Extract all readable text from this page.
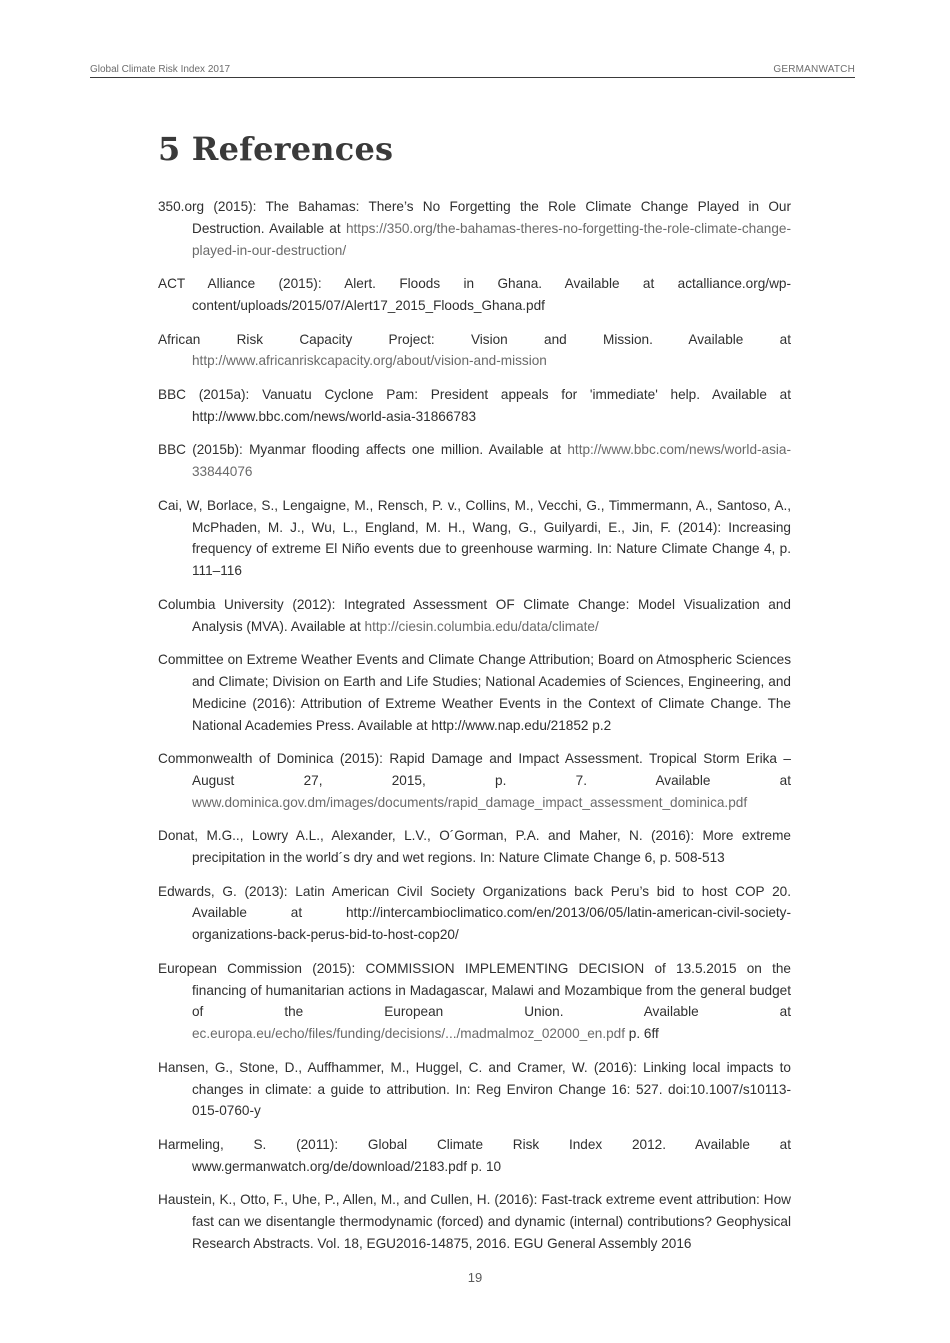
Global Climate Risk Index 2017	GERMANWATCH
5 References

350.org (2015): The Bahamas: There’s No Forgetting the Role Climate Change Played in Our Destruction. Available at https://350.org/the-bahamas-theres-no-forgetting-the-role-climate-change-played-in-our-destruction/

ACT Alliance (2015): Alert. Floods in Ghana. Available at actalliance.org/wp-content/uploads/2015/07/Alert17_2015_Floods_Ghana.pdf

African Risk Capacity Project: Vision and Mission. Available at http://www.africanriskcapacity.org/about/vision-and-mission

BBC (2015a): Vanuatu Cyclone Pam: President appeals for 'immediate' help. Available at http://www.bbc.com/news/world-asia-31866783

BBC (2015b): Myanmar flooding affects one million. Available at http://www.bbc.com/news/world-asia-33844076

Cai, W, Borlace, S., Lengaigne, M., Rensch, P. v., Collins, M., Vecchi, G., Timmermann, A., Santoso, A., McPhaden, M. J., Wu, L., England, M. H., Wang, G., Guilyardi, E., Jin, F. (2014): Increasing frequency of extreme El Niño events due to greenhouse warming. In: Nature Climate Change 4, p. 111–116

Columbia University (2012): Integrated Assessment OF Climate Change: Model Visualization and Analysis (MVA). Available at http://ciesin.columbia.edu/data/climate/

Committee on Extreme Weather Events and Climate Change Attribution; Board on Atmospheric Sciences and Climate; Division on Earth and Life Studies; National Academies of Sciences, Engineering, and Medicine (2016): Attribution of Extreme Weather Events in the Context of Climate Change. The National Academies Press. Available at http://www.nap.edu/21852 p.2

Commonwealth of Dominica (2015): Rapid Damage and Impact Assessment. Tropical Storm Erika – August 27, 2015, p. 7. Available at www.dominica.gov.dm/images/documents/rapid_damage_impact_assessment_dominica.pdf

Donat, M.G.., Lowry A.L., Alexander, L.V., O´Gorman, P.A. and Maher, N. (2016): More extreme precipitation in the world´s dry and wet regions. In: Nature Climate Change 6, p. 508-513

Edwards, G. (2013): Latin American Civil Society Organizations back Peru’s bid to host COP 20. Available at http://intercambioclimatico.com/en/2013/06/05/latin-american-civil-society-organizations-back-perus-bid-to-host-cop20/

European Commission (2015): COMMISSION IMPLEMENTING DECISION of 13.5.2015 on the financing of humanitarian actions in Madagascar, Malawi and Mozambique from the general budget of the European Union. Available at ec.europa.eu/echo/files/funding/decisions/.../madmalmoz_02000_en.pdf p. 6ff

Hansen, G., Stone, D., Auffhammer, M., Huggel, C. and Cramer, W. (2016): Linking local impacts to changes in climate: a guide to attribution. In: Reg Environ Change 16: 527. doi:10.1007/s10113-015-0760-y

Harmeling, S. (2011): Global Climate Risk Index 2012. Available at www.germanwatch.org/de/download/2183.pdf p. 10

Haustein, K., Otto, F., Uhe, P., Allen, M., and Cullen, H. (2016): Fast-track extreme event attribution: How fast can we disentangle thermodynamic (forced) and dynamic (internal) contributions? Geophysical Research Abstracts. Vol. 18, EGU2016-14875, 2016. EGU General Assembly 2016

19
